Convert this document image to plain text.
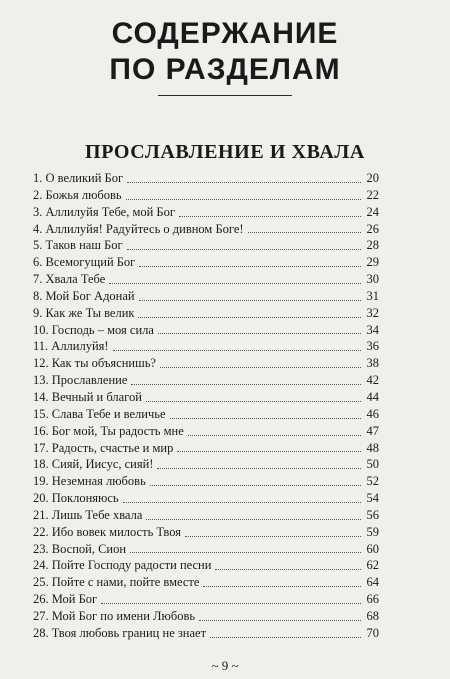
СОДЕРЖАНИЕ
ПО РАЗДЕЛАМ
ПРОСЛАВЛЕНИЕ И ХВАЛА
1. О великий Бог	20
2. Божья любовь	22
3. Аллилуйя Тебе, мой Бог	24
4. Аллилуйя! Радуйтесь о дивном Боге!	26
5. Таков наш Бог	28
6. Всемогущий Бог	29
7. Хвала Тебе	30
8. Мой Бог Адонай	31
9. Как же Ты велик	32
10. Господь – моя сила	34
11. Аллилуйя!	36
12. Как ты объяснишь?	38
13. Прославление	42
14. Вечный и благой	44
15. Слава Тебе и величье	46
16. Бог мой, Ты радость мне	47
17. Радость, счастье и мир	48
18. Сияй, Иисус, сияй!	50
19. Неземная любовь	52
20. Поклоняюсь	54
21. Лишь Тебе хвала	56
22. Ибо вовек милость Твоя	59
23. Воспой, Сион	60
24. Пойте Господу радости песни	62
25. Пойте с нами, пойте вместе	64
26. Мой Бог	66
27. Мой Бог по имени Любовь	68
28. Твоя любовь границ не знает	70
~ 9 ~
